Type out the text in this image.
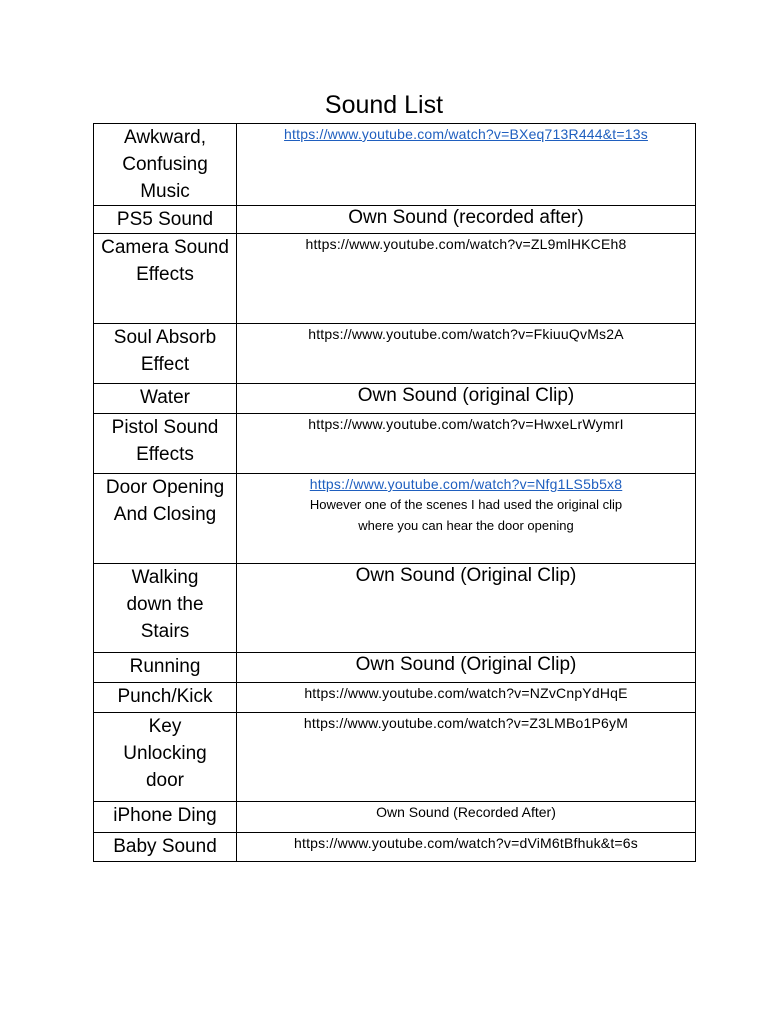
Sound List
Awkward, Confusing Music	https://www.youtube.com/watch?v=BXeq713R444&t=13s

PS5 Sound	Own Sound (recorded after)

Camera Sound Effects	https://www.youtube.com/watch?v=ZL9mlHKCEh8

Soul Absorb Effect	https://www.youtube.com/watch?v=FkiuuQvMs2A

Water	Own Sound (original Clip)

Pistol Sound Effects	https://www.youtube.com/watch?v=HwxeLrWymrI

Door Opening And Closing	https://www.youtube.com/watch?v=Nfg1LS5b5x8
However one of the scenes I had used the original clip where you can hear the door opening

Walking down the Stairs	Own Sound (Original Clip)

Running	Own Sound (Original Clip)

Punch/Kick	https://www.youtube.com/watch?v=NZvCnpYdHqE

Key Unlocking door	https://www.youtube.com/watch?v=Z3LMBo1P6yM

iPhone Ding	Own Sound (Recorded After)

Baby Sound	https://www.youtube.com/watch?v=dViM6tBfhuk&t=6s
